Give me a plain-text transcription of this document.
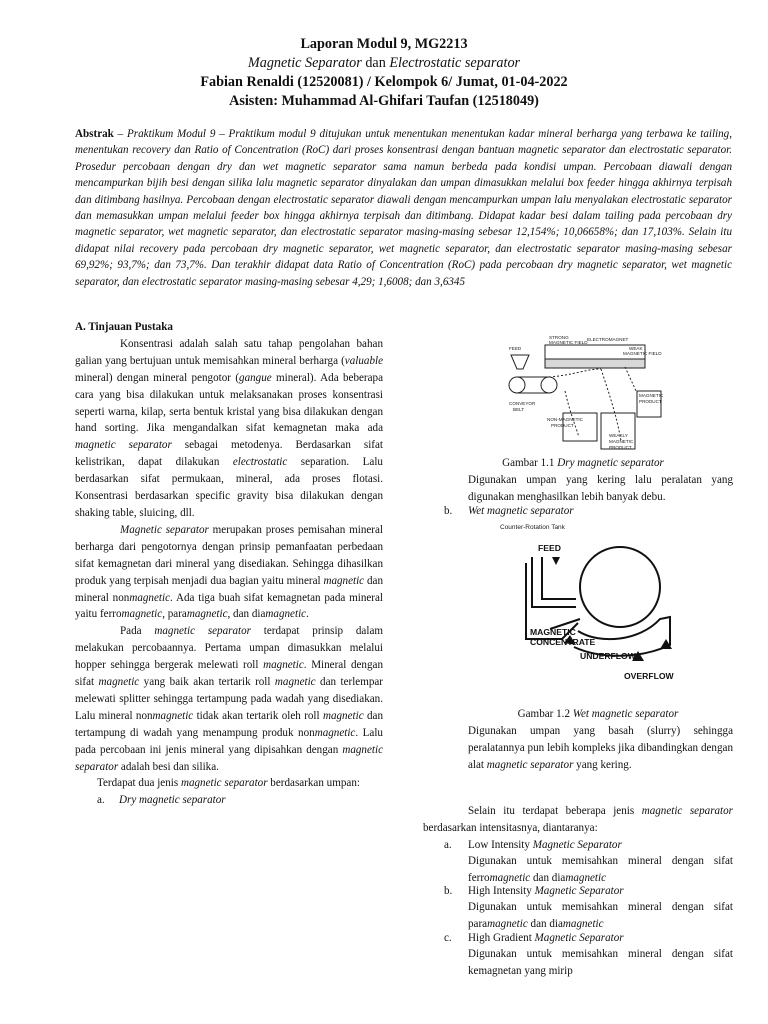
Laporan Modul 9, MG2213
Magnetic Separator dan Electrostatic separator
Fabian Renaldi (12520081) / Kelompok 6/ Jumat, 01-04-2022
Asisten: Muhammad Al-Ghifari Taufan (12518049)
Abstrak – Praktikum Modul 9 – Praktikum modul 9 ditujukan untuk menentukan menentukan kadar mineral berharga yang terbawa ke tailing, menentukan recovery dan Ratio of Concentration (RoC) dari proses konsentrasi dengan bantuan magnetic separator dan electrostatic separator. Prosedur percobaan dengan dry dan wet magnetic separator sama namun berbeda pada kondisi umpan. Percobaan diawali dengan mencampurkan bijih besi dengan silika lalu magnetic separator dinyalakan dan umpan dimasukkan melalui box feeder hingga akhirnya terpisah dan ditimbang hasilnya. Percobaan dengan electrostatic separator diawali dengan mencampurkan umpan lalu menyalakan electrostatic separator dan memasukkan umpan melalui feeder box hingga akhirnya terpisah dan ditimbang. Didapat kadar besi dalam tailing pada percobaan dry magnetic separator, wet magnetic separator, dan electrostatic separator masing-masing sebesar 12,154%; 10,06658%; dan 17,103%. Selain itu didapat nilai recovery pada percobaan dry magnetic separator, wet magnetic separator, dan electrostatic separator masing-masing sebesar 69,92%; 93,7%; dan 73,7%. Dan terakhir didapat data Ratio of Concentration (RoC) pada percobaan dry magnetic separator, wet magnetic separator, dan electrostatic separator masing-masing sebesar 4,29; 1,6008; dan 3,6345

A. Tinjauan Pustaka

Konsentrasi adalah salah satu tahap pengolahan bahan galian yang bertujuan untuk memisahkan mineral berharga (valuable mineral) dengan mineral pengotor (gangue mineral). Ada beberapa cara yang bisa dilakukan untuk melaksanakan proses konsentrasi seperti warna, kilap, serta bentuk kristal yang bisa dilakukan dengan hand sorting. Jika mengandalkan sifat kemagnetan maka ada magnetic separator sebagai metodenya. Berdasarkan sifat kelistrikan, dapat dilakukan electrostatic separation. Lalu berdasarkan sifat permukaan, mineral, ada proses flotasi. Konsentrasi berdasarkan specific gravity bisa dilakukan dengan shaking table, sluicing, dll.

Magnetic separator merupakan proses pemisahan mineral berharga dari pengotornya dengan prinsip pemanfaatan perbedaan sifat kemagnetan dari mineral yang disediakan. Sehingga dihasilkan produk yang terpisah menjadi dua bagian yaitu mineral magnetic dan mineral nonmagnetic. Ada tiga buah sifat kemagnetan pada mineral yaitu ferromagnetic, paramagnetic, dan diamagnetic.

Pada magnetic separator terdapat prinsip dalam melakukan percobaannya. Pertama umpan dimasukkan melalui hopper sehingga bergerak melewati roll magnetic. Mineral dengan sifat magnetic yang baik akan tertarik roll magnetic dan terlempar melewati splitter sehingga tertampung pada wadah yang disediakan. Lalu mineral nonmagnetic tidak akan tertarik oleh roll magnetic dan tertampung di wadah yang menampung produk nonmagnetic. Lalu pada percobaan ini jenis mineral yang dipisahkan dengan magnetic separator adalah besi dan silika.

Terdapat dua jenis magnetic separator berdasarkan umpan:

a. Dry magnetic separator

ELECTROMAGNET
STRONG
MAGNETIC FIELD
WEAK
MAGNETIC FIELD
FEED
CONVEYOR
BELT
NON-MAGNETIC
PRODUCT
MAGNETIC
PRODUCT
WEAKLY
MAGNETIC
PRODUCT
Counter-Rotation Tank
FEED
MAGNETIC
CONCENTRATE
UNDERFLOW
OVERFLOW
Gambar 1.1 Dry magnetic separator
Digunakan umpan yang kering lalu peralatan yang digunakan menghasilkan lebih banyak debu.
b. Wet magnetic separator
Gambar 1.2 Wet magnetic separator
Digunakan umpan yang basah (slurry) sehingga peralatannya pun lebih kompleks jika dibandingkan dengan alat magnetic separator yang kering.
Selain itu terdapat beberapa jenis magnetic separator berdasarkan intensitasnya, diantaranya:
a. Low Intensity Magnetic Separator
Digunakan untuk memisahkan mineral dengan sifat ferromagnetic dan diamagnetic
b. High Intensity Magnetic Separator
Digunakan untuk memisahkan mineral dengan sifat paramagnetic dan diamagnetic
c. High Gradient Magnetic Separator
Digunakan untuk memisahkan mineral dengan sifat kemagnetan yang mirip
